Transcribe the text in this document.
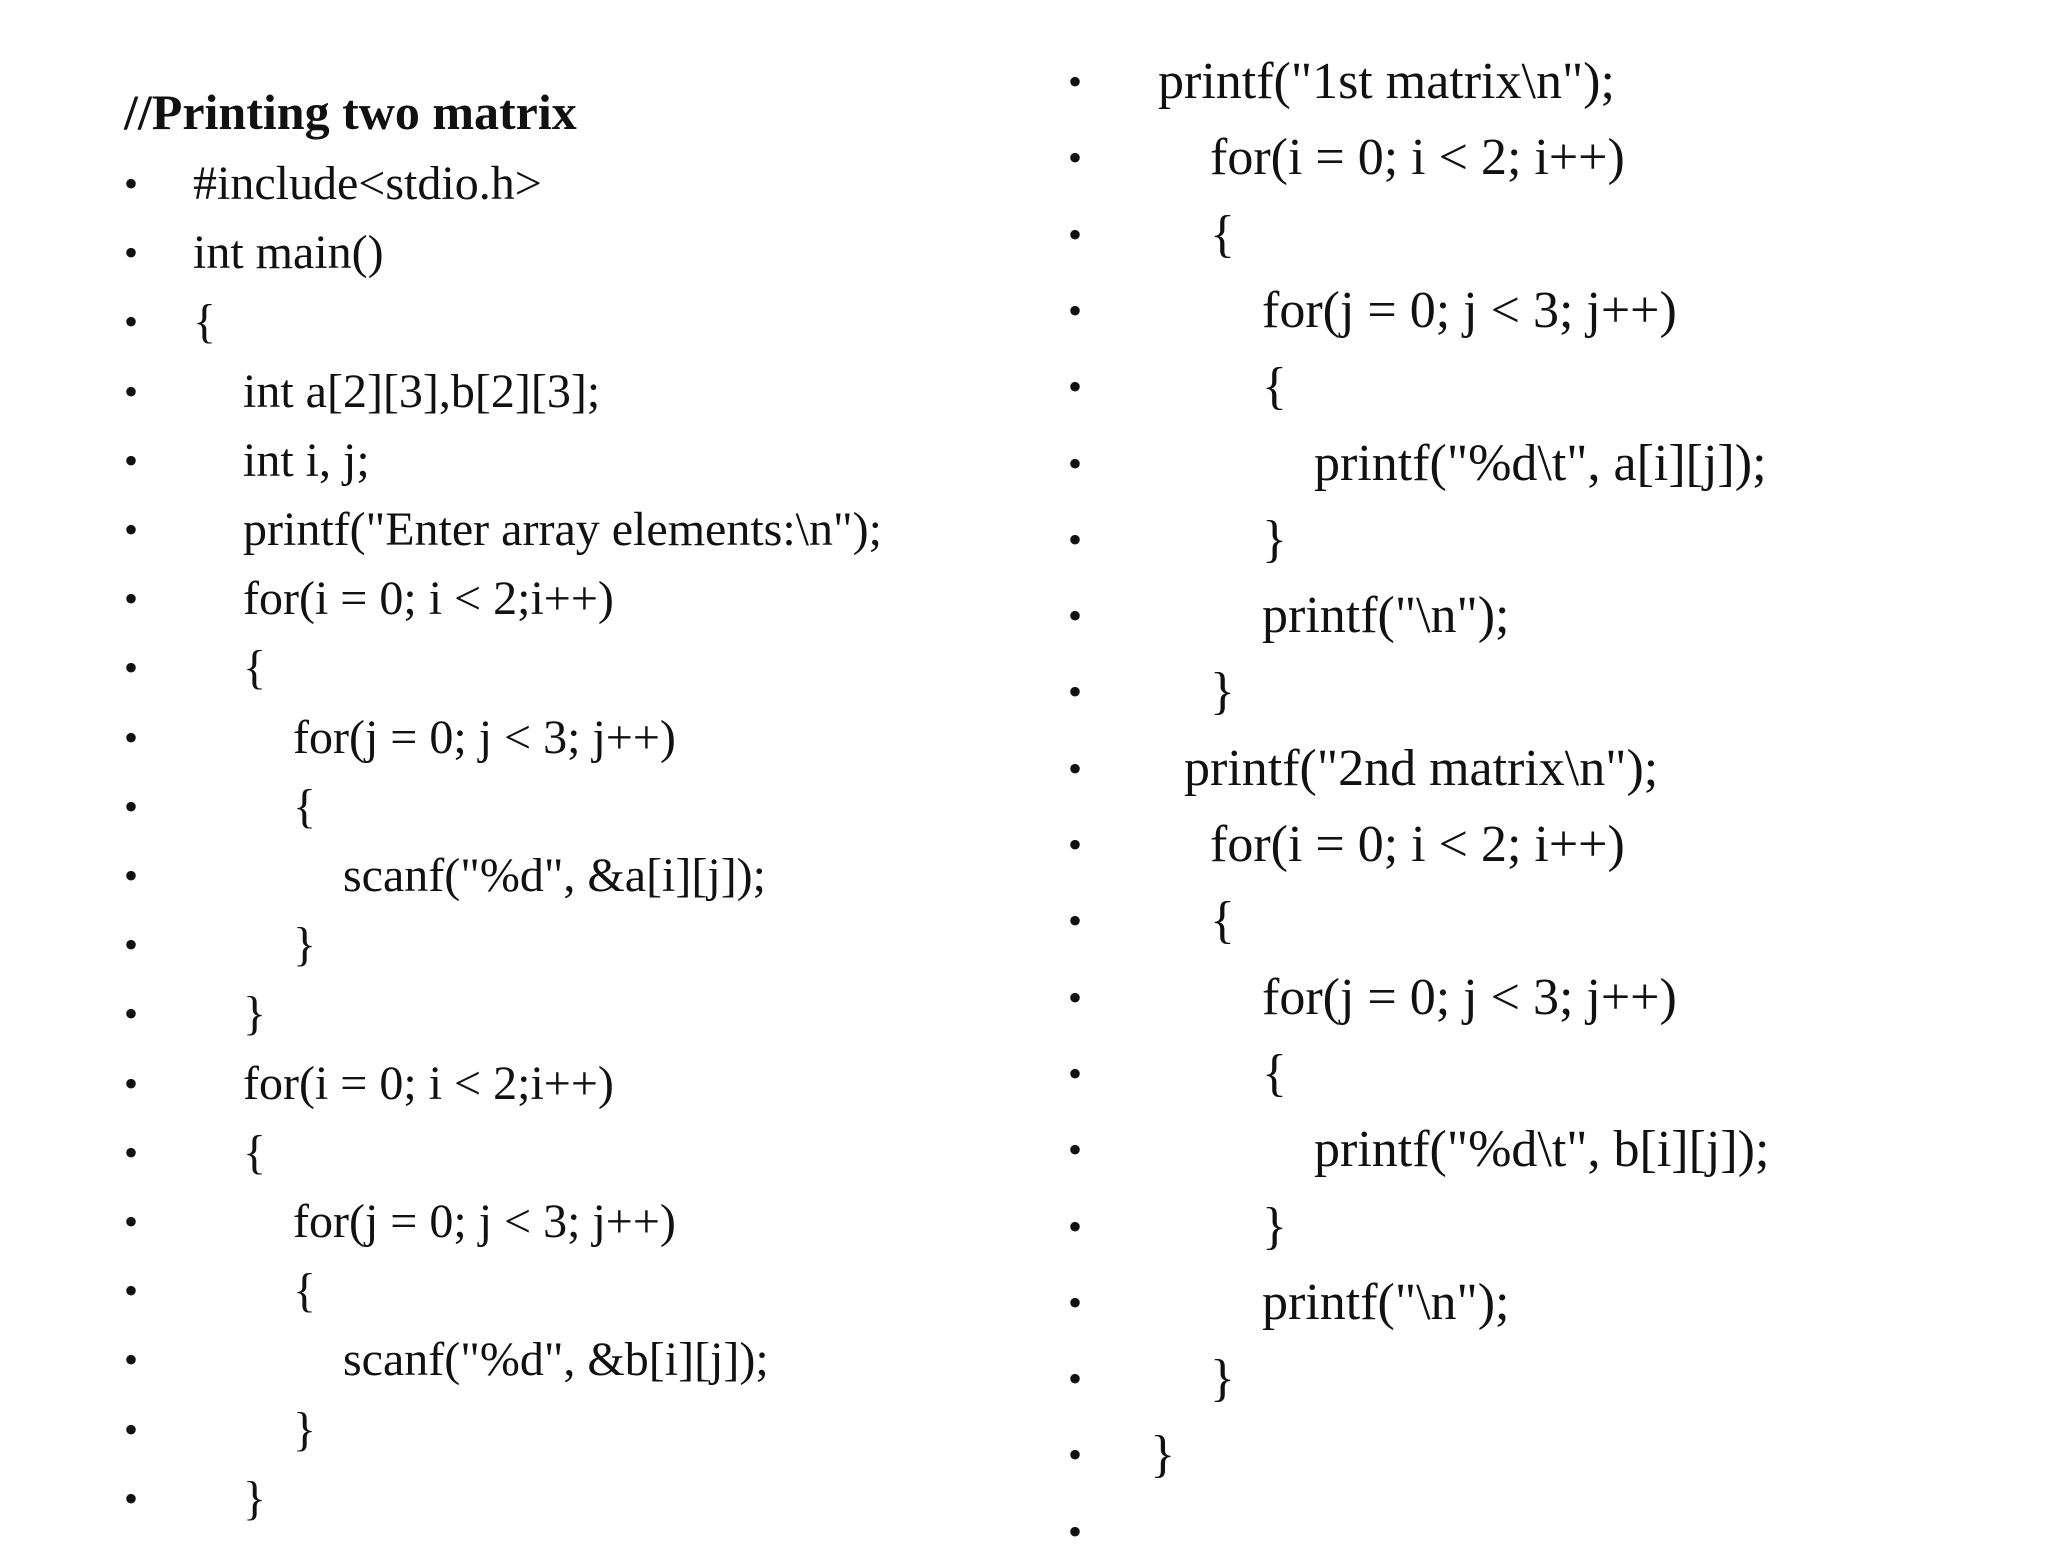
//Printing two matrix
• #include<stdio.h>
• int main()
• {
• int a[2][3],b[2][3];
• int i, j;
• printf("Enter array elements:\n");
• for(i = 0; i < 2;i++)
• {
•	for(j = 0; j < 3; j++)
•	{
•	scanf("%d", &a[i][j]);
•	}
• }
• for(i = 0; i < 2;i++)
• {
•	for(j = 0; j < 3; j++)
•	{
•	scanf("%d", &b[i][j]);
•	}
• }
• printf("1st matrix\n");
• for(i = 0; i < 2; i++)
• {
•	for(j = 0; j < 3; j++)
•	{
•	printf("%d\t", a[i][j]);
•	}
•	printf("\n");
• }
• printf("2nd matrix\n");
• for(i = 0; i < 2; i++)
• {
•	for(j = 0; j < 3; j++)
•	{
•	printf("%d\t", b[i][j]);
•	}
•	printf("\n");
• }
• }
•
